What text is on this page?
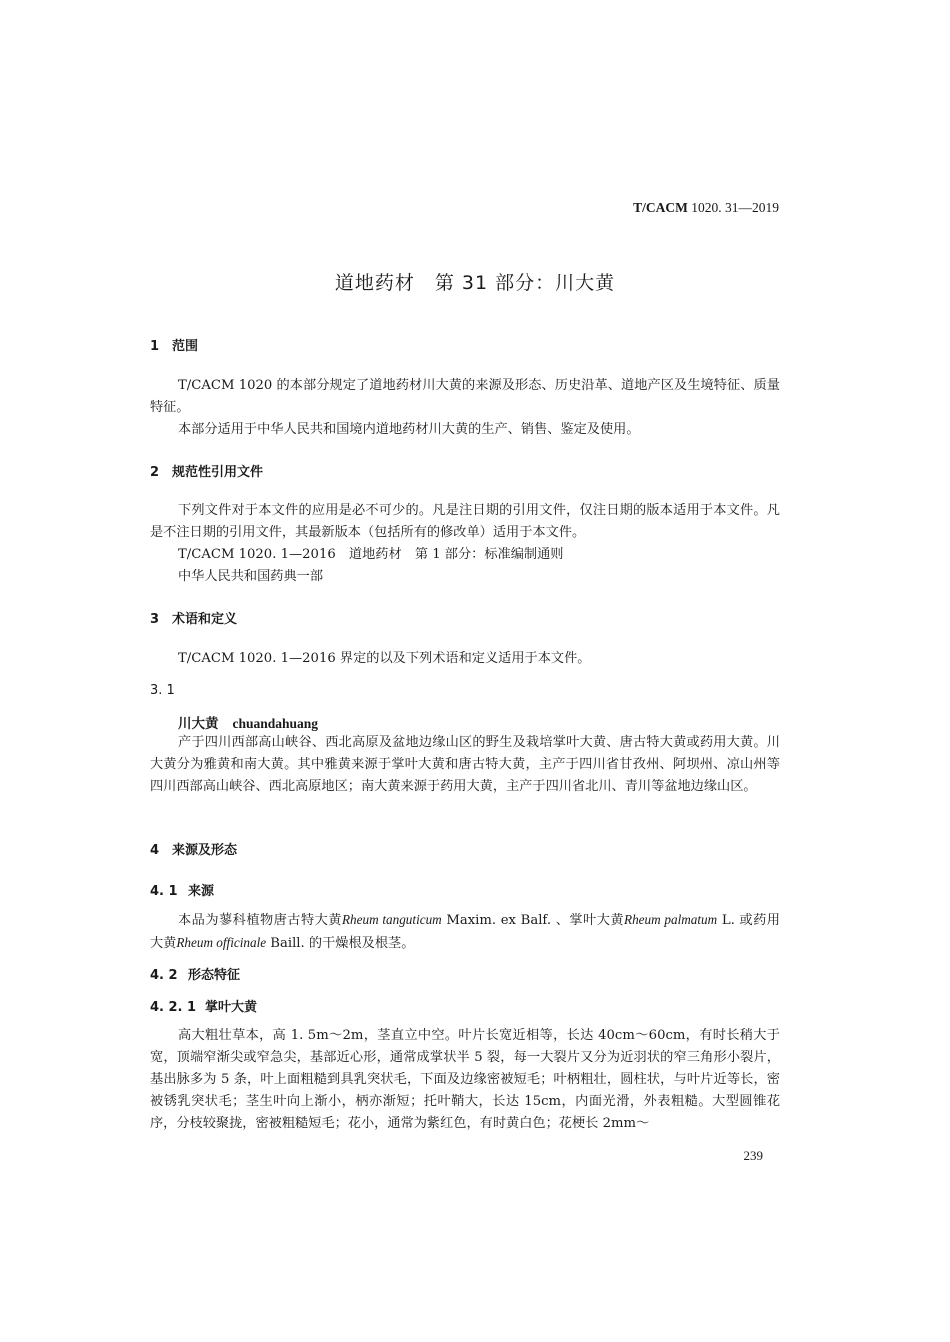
T/CACM 1020. 31—2019
道地药材　第 31 部分：川大黄
1 范围

T/CACM 1020 的本部分规定了道地药材川大黄的来源及形态、历史沿革、道地产区及生境特征、质量特征。

本部分适用于中华人民共和国境内道地药材川大黄的生产、销售、鉴定及使用。

2 规范性引用文件

下列文件对于本文件的应用是必不可少的。凡是注日期的引用文件，仅注日期的版本适用于本文件。凡是不注日期的引用文件，其最新版本（包括所有的修改单）适用于本文件。

T/CACM 1020. 1—2016　道地药材　第 1 部分：标准编制通则
中华人民共和国药典一部
3 术语和定义
T/CACM 1020. 1—2016 界定的以及下列术语和定义适用于本文件。
3. 1
川大黄 chuandahuang

产于四川西部高山峡谷、西北高原及盆地边缘山区的野生及栽培掌叶大黄、唐古特大黄或药用大黄。川大黄分为雅黄和南大黄。其中雅黄来源于掌叶大黄和唐古特大黄，主产于四川省甘孜州、阿坝州、凉山州等四川西部高山峡谷、西北高原地区；南大黄来源于药用大黄，主产于四川省北川、青川等盆地边缘山区。

4 来源及形态
4. 1 来源

本品为蓼科植物唐古特大黄Rheum tanguticum Maxim. ex Balf. 、掌叶大黄Rheum palmatum L. 或药用大黄Rheum officinale Baill. 的干燥根及根茎。

4. 2 形态特征
4. 2. 1 掌叶大黄

高大粗壮草本，高 1. 5m～2m，茎直立中空。叶片长宽近相等，长达 40cm～60cm，有时长稍大于宽，顶端窄渐尖或窄急尖，基部近心形，通常成掌状半 5 裂，每一大裂片又分为近羽状的窄三角形小裂片，基出脉多为 5 条，叶上面粗糙到具乳突状毛，下面及边缘密被短毛；叶柄粗壮，圆柱状，与叶片近等长，密被锈乳突状毛；茎生叶向上渐小，柄亦渐短；托叶鞘大，长达 15cm，内面光滑，外表粗糙。大型圆锥花序，分枝较聚拢，密被粗糙短毛；花小，通常为紫红色，有时黄白色；花梗长 2mm～

239
